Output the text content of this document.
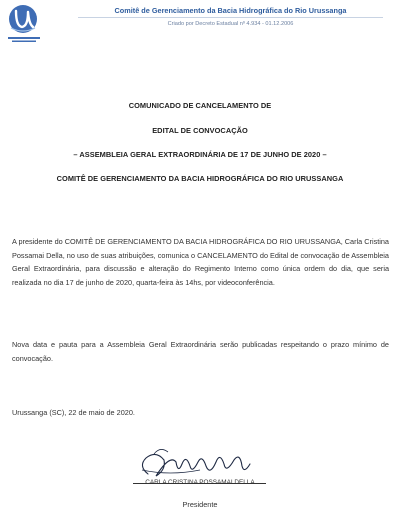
Comitê de Gerenciamento da Bacia Hidrográfica do Rio Urussanga
Criado por Decreto Estadual nº 4.934 - 01.12.2006
COMUNICADO DE CANCELAMENTO DE
EDITAL DE CONVOCAÇÃO
– ASSEMBLEIA GERAL EXTRAORDINÁRIA DE 17 DE JUNHO DE 2020 –
COMITÊ DE GERENCIAMENTO DA BACIA HIDROGRÁFICA DO RIO URUSSANGA
A presidente do COMITÊ DE GERENCIAMENTO DA BACIA HIDROGRÁFICA DO RIO URUSSANGA, Carla Cristina Possamai Della, no uso de suas atribuições, comunica o CANCELAMENTO do Edital de convocação de Assembleia Geral Extraordinária, para discussão e alteração do Regimento Interno como única ordem do dia, que seria realizada no dia 17 de junho de 2020, quarta-feira às 14hs, por videoconferência.
Nova data e pauta para a Assembleia Geral Extraordinária serão publicadas respeitando o prazo mínimo de convocação.
Urussanga (SC), 22 de maio de 2020.
CARLA CRISTINA POSSAMAI DELLA
Presidente
